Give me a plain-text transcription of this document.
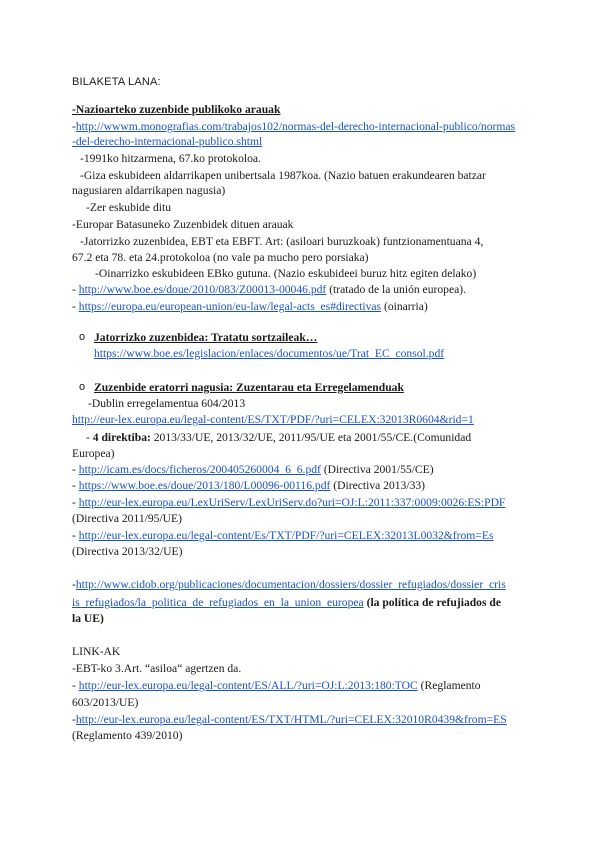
BILAKETA LANA:
-Nazioarteko zuzenbide publikoko arauak
-http://wwwm.monografias.com/trabajos102/normas-del-derecho-internacional-publico/normas
-del-derecho-internacional-publico.shtml
-1991ko hitzarmena, 67.ko protokoloa.
-Giza eskubideen aldarrikapen unibertsala 1987koa. (Nazio batuen erakundearen batzar
nagusiaren aldarrikapen nagusia)
-Zer eskubide ditu
-Europar Batasuneko Zuzenbidek dituen arauak
-Jatorrizko zuzenbidea, EBT eta EBFT. Art: (asiloari buruzkoak) funtzionamentuana 4,
67.2 eta 78. eta 24.protokoloa (no vale pa mucho pero porsiaka)
-Oinarrizko eskubideen EBko gutuna. (Nazio eskubideei buruz hitz egiten delako)
- http://www.boe.es/doue/2010/083/Z00013-00046.pdf (tratado de la unión europea).
- https://europa.eu/european-union/eu-law/legal-acts_es#directivas (oinarria)
o Jatorrizko zuzenbidea: Tratatu sortzaileak…
https://www.boe.es/legislacion/enlaces/documentos/ue/Trat_EC_consol.pdf
o Zuzenbide eratorri nagusia: Zuzentarau eta Erregelamenduak
-Dublin erregelamentua 604/2013
http://eur-lex.europa.eu/legal-content/ES/TXT/PDF/?uri=CELEX:32013R0604&rid=1
- 4 direktiba: 2013/33/UE, 2013/32/UE, 2011/95/UE eta 2001/55/CE.(Comunidad
Europea)
- http://icam.es/docs/ficheros/200405260004_6_6.pdf (Directiva 2001/55/CE)
- https://www.boe.es/doue/2013/180/L00096-00116.pdf (Directiva 2013/33)
- http://eur-lex.europa.eu/LexUriServ/LexUriServ.do?uri=OJ:L:2011:337:0009:0026:ES:PDF
(Directiva 2011/95/UE)
- http://eur-lex.europa.eu/legal-content/Es/TXT/PDF/?uri=CELEX:32013L0032&from=Es
(Directiva 2013/32/UE)
-http://www.cidob.org/publicaciones/documentacion/dossiers/dossier_refugiados/dossier_cris
is_refugiados/la_politica_de_refugiados_en_la_union_europea (la política de refujiados de
la UE)
LINK-AK
-EBT-ko 3.Art. “asiloa“ agertzen da.
- http://eur-lex.europa.eu/legal-content/ES/ALL/?uri=OJ:L:2013:180:TOC (Reglamento
603/2013/UE)
-http://eur-lex.europa.eu/legal-content/ES/TXT/HTML/?uri=CELEX:32010R0439&from=ES
(Reglamento 439/2010)
